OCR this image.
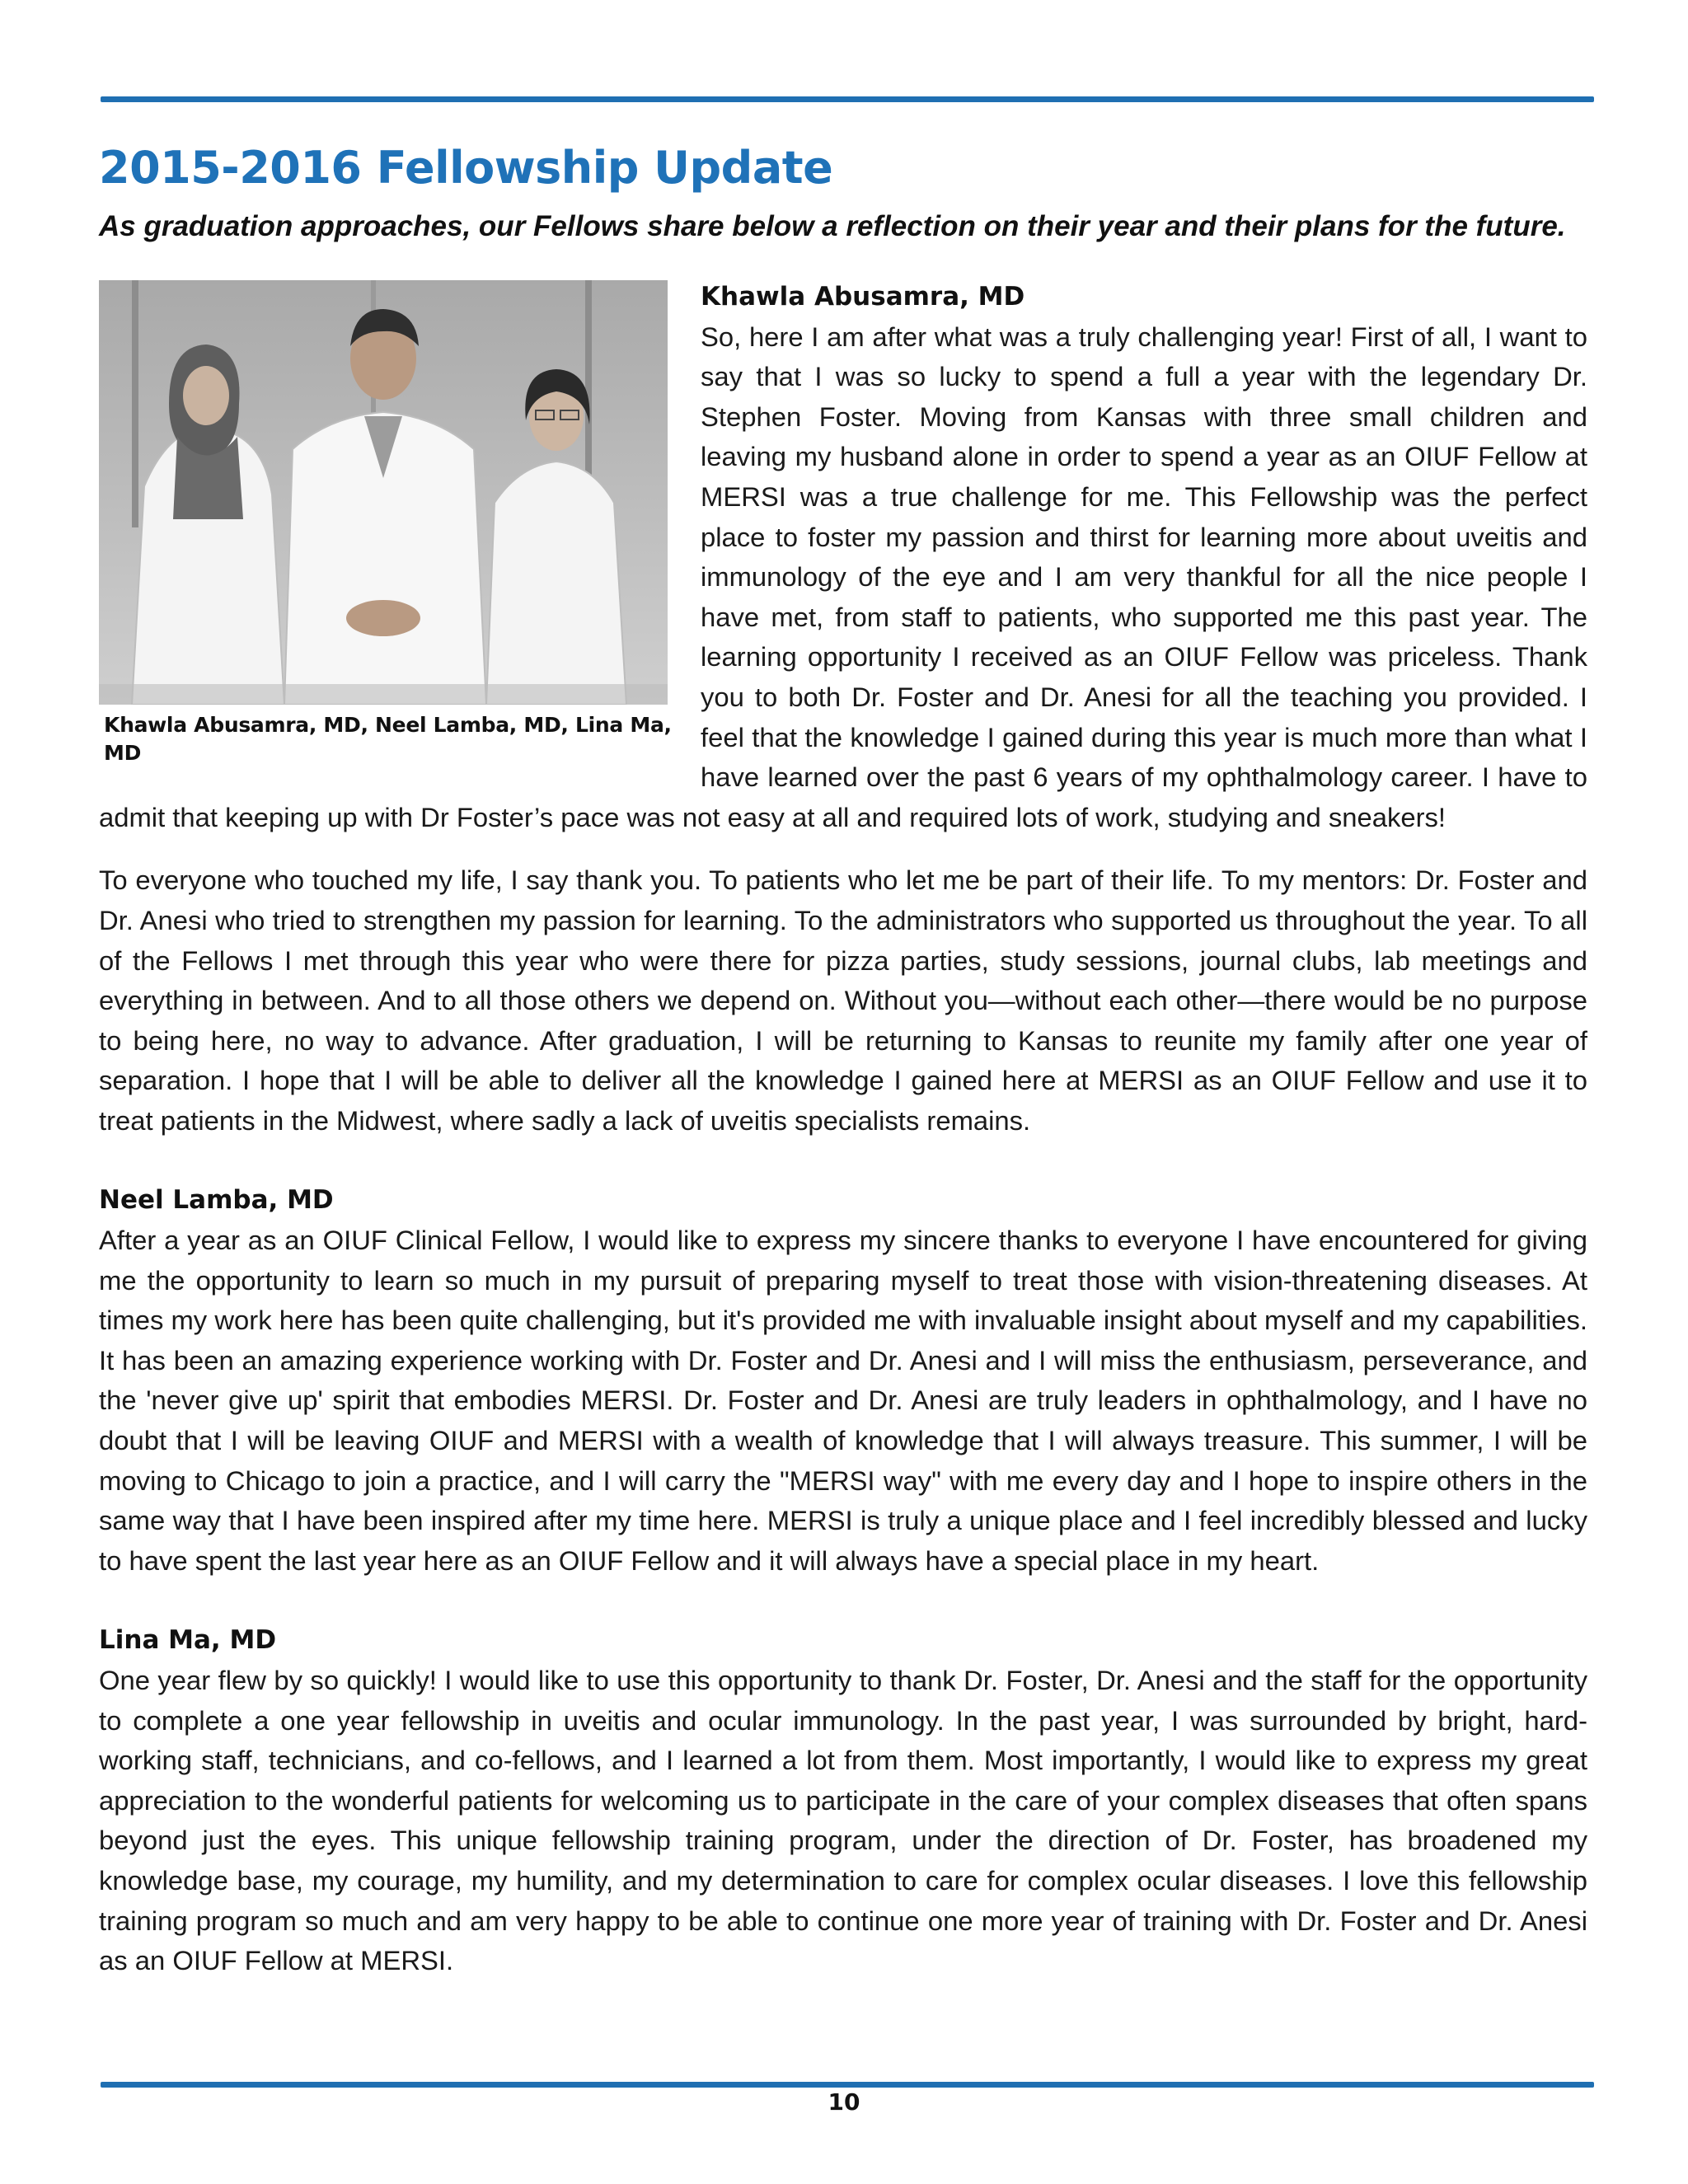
2015-2016 Fellowship Update

As graduation approaches, our Fellows share below a reflection on their year and their plans for the future.

Khawla Abusamra, MD, Neel Lamba, MD, Lina Ma, MD
Khawla Abusamra, MD

So, here I am after what was a truly challenging year! First of all, I want to say that I was so lucky to spend a full a year with the legendary Dr. Stephen Foster. Moving from Kansas with three small children and leaving my husband alone in order to spend a year as an OIUF Fellow at MERSI was a true challenge for me. This Fellowship was the perfect place to foster my passion and thirst for learning more about uveitis and immunology of the eye and I am very thankful for all the nice people I have met, from staff to patients, who supported me this past year. The learning opportunity I received as an OIUF Fellow was priceless. Thank you to both Dr. Foster and Dr. Anesi for all the teaching you provided. I feel that the knowledge I gained during this year is much more than what I have learned over the past 6 years of my ophthalmology career. I have to admit that keeping up with Dr Foster’s pace was not easy at all and required lots of work, studying and sneakers!

To everyone who touched my life, I say thank you. To patients who let me be part of their life. To my mentors: Dr. Foster and Dr. Anesi who tried to strengthen my passion for learning. To the administrators who supported us throughout the year. To all of the Fellows I met through this year who were there for pizza parties, study sessions, journal clubs, lab meetings and everything in between. And to all those others we depend on. Without you—without each other—there would be no purpose to being here, no way to advance. After graduation, I will be returning to Kansas to reunite my family after one year of separation. I hope that I will be able to deliver all the knowledge I gained here at MERSI as an OIUF Fellow and use it to treat patients in the Midwest, where sadly a lack of uveitis specialists remains.

Neel Lamba, MD

After a year as an OIUF Clinical Fellow, I would like to express my sincere thanks to everyone I have encountered for giving me the opportunity to learn so much in my pursuit of preparing myself to treat those with vision-threatening diseases. At times my work here has been quite challenging, but it's provided me with invaluable insight about myself and my capabilities. It has been an amazing experience working with Dr. Foster and Dr. Anesi and I will miss the enthusiasm, perseverance, and the 'never give up' spirit that embodies MERSI. Dr. Foster and Dr. Anesi are truly leaders in ophthalmology, and I have no doubt that I will be leaving OIUF and MERSI with a wealth of knowledge that I will always treasure. This summer, I will be moving to Chicago to join a practice, and I will carry the "MERSI way" with me every day and I hope to inspire others in the same way that I have been inspired after my time here. MERSI is truly a unique place and I feel incredibly blessed and lucky to have spent the last year here as an OIUF Fellow and it will always have a special place in my heart.

Lina Ma, MD

One year flew by so quickly! I would like to use this opportunity to thank Dr. Foster, Dr. Anesi and the staff for the opportunity to complete a one year fellowship in uveitis and ocular immunology. In the past year, I was surrounded by bright, hard-working staff, technicians, and co-fellows, and I learned a lot from them. Most importantly, I would like to express my great appreciation to the wonderful patients for welcoming us to participate in the care of your complex diseases that often spans beyond just the eyes. This unique fellowship training program, under the direction of Dr. Foster, has broadened my knowledge base, my courage, my humility, and my determination to care for complex ocular diseases. I love this fellowship training program so much and am very happy to be able to continue one more year of training with Dr. Foster and Dr. Anesi as an OIUF Fellow at MERSI.

10
